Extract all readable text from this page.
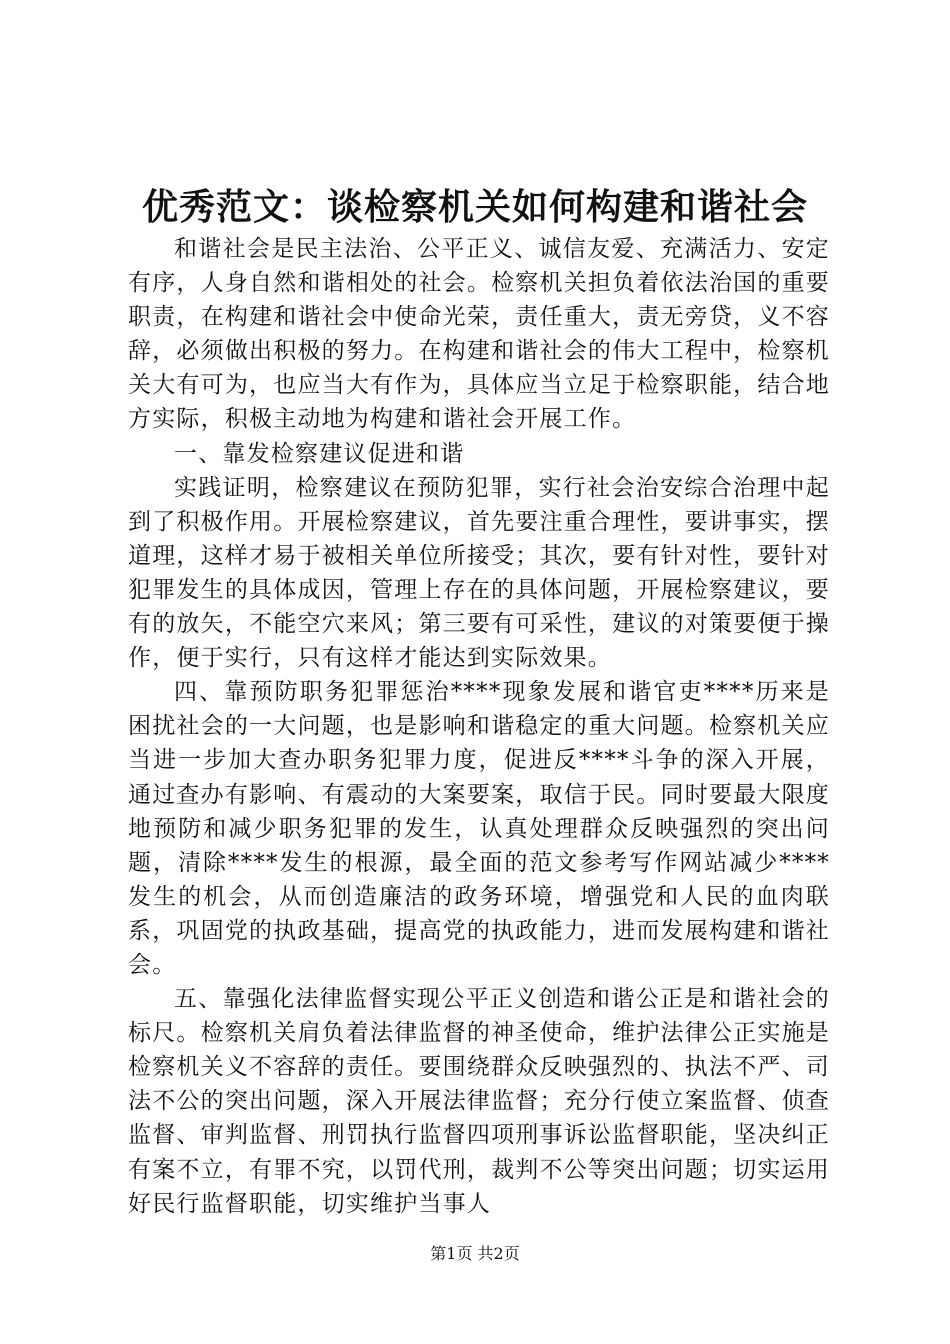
优秀范文：谈检察机关如何构建和谐社会

和谐社会是民主法治、公平正义、诚信友爱、充满活力、安定有序，人身自然和谐相处的社会。检察机关担负着依法治国的重要职责，在构建和谐社会中使命光荣，责任重大，责无旁贷，义不容辞，必须做出积极的努力。在构建和谐社会的伟大工程中，检察机关大有可为，也应当大有作为，具体应当立足于检察职能，结合地方实际，积极主动地为构建和谐社会开展工作。

一、靠发检察建议促进和谐

实践证明，检察建议在预防犯罪，实行社会治安综合治理中起到了积极作用。开展检察建议，首先要注重合理性，要讲事实，摆道理，这样才易于被相关单位所接受；其次，要有针对性，要针对犯罪发生的具体成因，管理上存在的具体问题，开展检察建议，要有的放矢，不能空穴来风；第三要有可采性，建议的对策要便于操作，便于实行，只有这样才能达到实际效果。

四、靠预防职务犯罪惩治****现象发展和谐官吏****历来是困扰社会的一大问题，也是影响和谐稳定的重大问题。检察机关应当进一步加大查办职务犯罪力度，促进反****斗争的深入开展，通过查办有影响、有震动的大案要案，取信于民。同时要最大限度地预防和减少职务犯罪的发生，认真处理群众反映强烈的突出问题，清除****发生的根源，最全面的范文参考写作网站减少****发生的机会，从而创造廉洁的政务环境，增强党和人民的血肉联系，巩固党的执政基础，提高党的执政能力，进而发展构建和谐社会。

五、靠强化法律监督实现公平正义创造和谐公正是和谐社会的标尺。检察机关肩负着法律监督的神圣使命，维护法律公正实施是检察机关义不容辞的责任。要围绕群众反映强烈的、执法不严、司法不公的突出问题，深入开展法律监督；充分行使立案监督、侦查监督、审判监督、刑罚执行监督四项刑事诉讼监督职能，坚决纠正有案不立，有罪不究，以罚代刑，裁判不公等突出问题；切实运用好民行监督职能，切实维护当事人

第1页 共2页
